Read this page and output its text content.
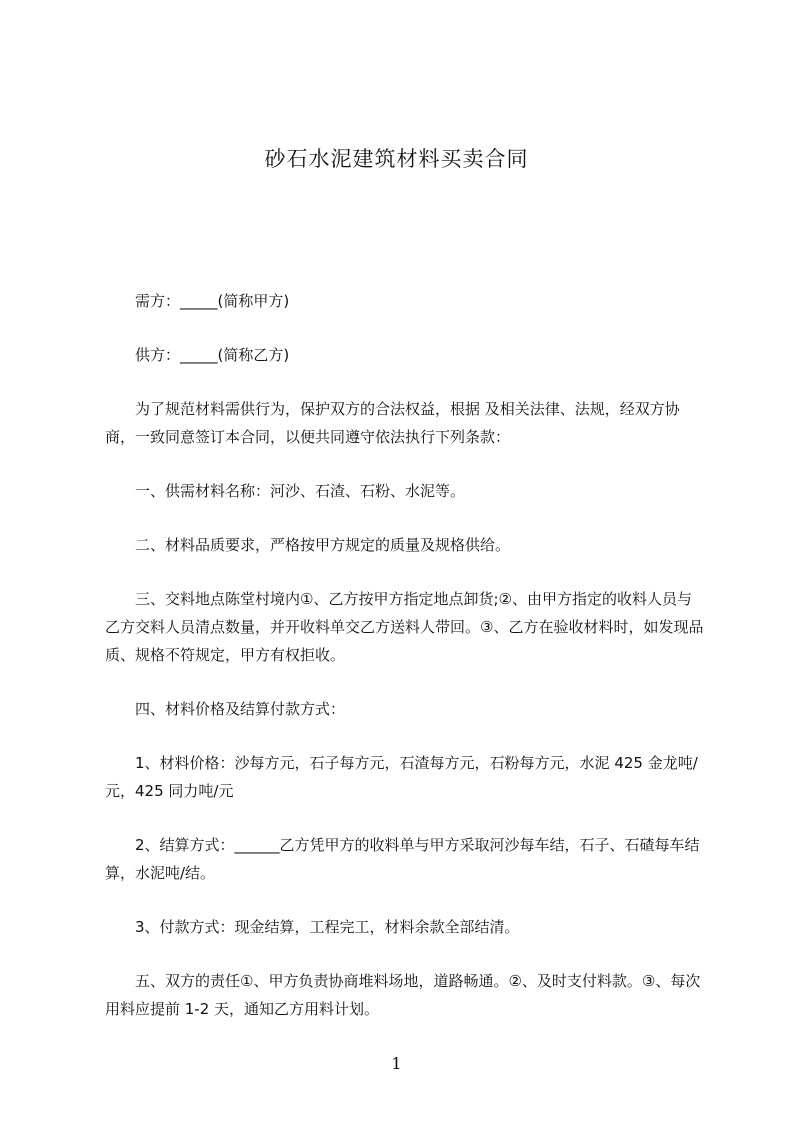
砂石水泥建筑材料买卖合同

需方：_____(简称甲方)

供方：_____(简称乙方)

为了规范材料需供行为，保护双方的合法权益，根据 及相关法律、法规，经双方协商，一致同意签订本合同，以便共同遵守依法执行下列条款：

一、供需材料名称：河沙、石渣、石粉、水泥等。

二、材料品质要求，严格按甲方规定的质量及规格供给。

三、交料地点陈堂村境内①、乙方按甲方指定地点卸货;②、由甲方指定的收料人员与乙方交料人员清点数量，并开收料单交乙方送料人带回。③、乙方在验收材料时，如发现品质、规格不符规定，甲方有权拒收。

四、材料价格及结算付款方式：

1、材料价格：沙每方元，石子每方元，石渣每方元，石粉每方元，水泥 425 金龙吨/元，425 同力吨/元

2、结算方式：______乙方凭甲方的收料单与甲方采取河沙每车结，石子、石碴每车结算，水泥吨/结。

3、付款方式：现金结算，工程完工，材料余款全部结清。

五、双方的责任①、甲方负责协商堆料场地，道路畅通。②、及时支付料款。③、每次用料应提前 1-2 天，通知乙方用料计划。

1
